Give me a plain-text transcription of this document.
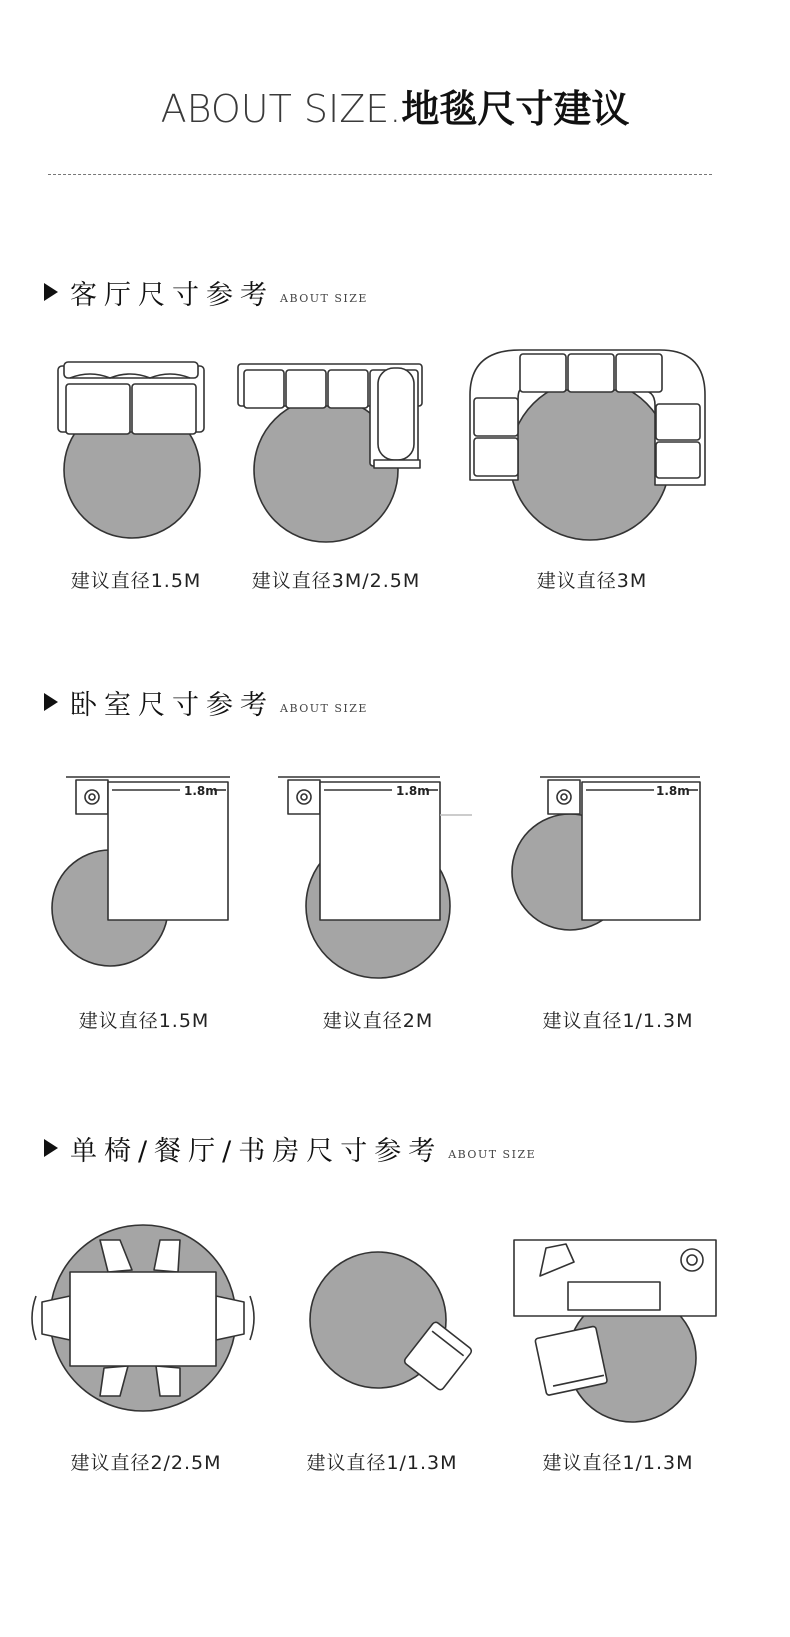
ABOUT SIZE.地毯尺寸建议
客厅尺寸参考 ABOUT SIZE
卧室尺寸参考 ABOUT SIZE
单椅/餐厅/书房尺寸参考 ABOUT SIZE
1.8m	1.8m	1.8m
建议直径1.5M	建议直径3M/2.5M	建议直径3M
建议直径1.5M	建议直径2M	建议直径1/1.3M
建议直径2/2.5M	建议直径1/1.3M	建议直径1/1.3M
